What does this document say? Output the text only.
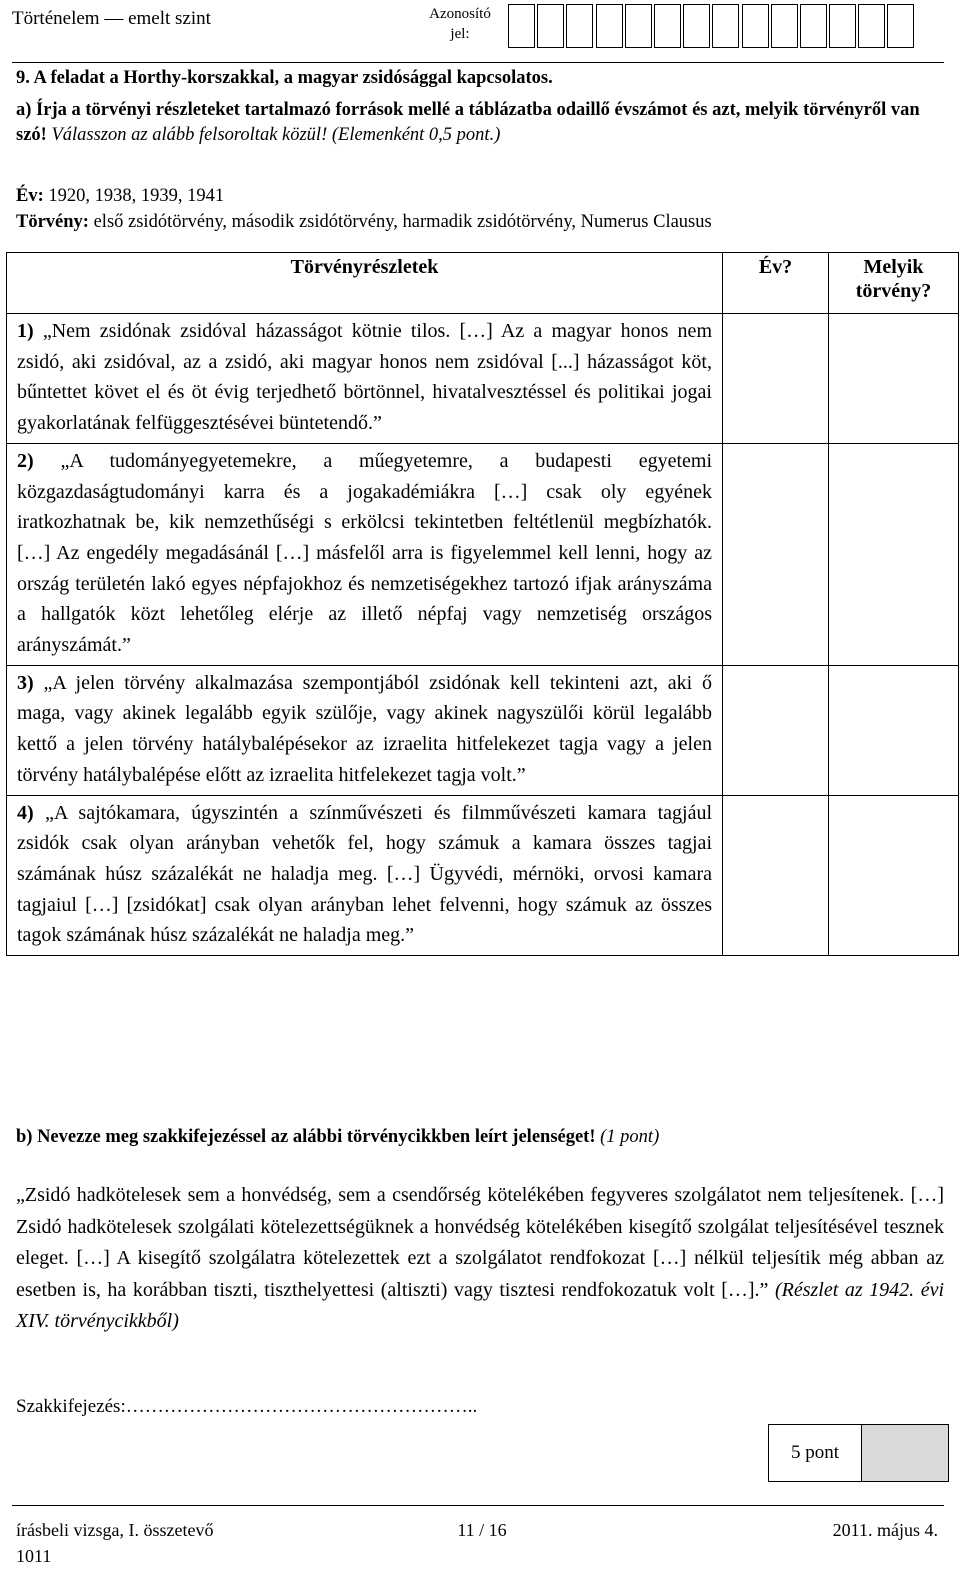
Történelem — emelt szint	Azonosító
jel:
9. A feladat a Horthy-korszakkal, a magyar zsidósággal kapcsolatos.
a) Írja a törvényi részleteket tartalmazó források mellé a táblázatba odaillő évszámot és azt, melyik törvényről van szó! Válasszon az alább felsoroltak közül! (Elemenként 0,5 pont.)
Év: 1920, 1938, 1939, 1941
Törvény: első zsidótörvény, második zsidótörvény, harmadik zsidótörvény, Numerus Clausus
Törvényrészletek	Év?	Melyik törvény?
1) „Nem zsidónak zsidóval házasságot kötnie tilos. […] Az a magyar honos nem zsidó, aki zsidóval, az a zsidó, aki magyar honos nem zsidóval [...] házasságot köt, bűntettet követ el és öt évig terjedhető börtönnel, hivatalvesztéssel és politikai jogai gyakorlatának felfüggesztésévei büntetendő.”		
2) „A tudományegyetemekre, a műegyetemre, a budapesti egyetemi közgazdaságtudományi karra és a jogakadémiákra […] csak oly egyének iratkozhatnak be, kik nemzethűségi s erkölcsi tekintetben feltétlenül megbízhatók. […] Az engedély megadásánál […] másfelől arra is figyelemmel kell lenni, hogy az ország területén lakó egyes népfajokhoz és nemzetiségekhez tartozó ifjak arányszáma a hallgatók közt lehetőleg elérje az illető népfaj vagy nemzetiség országos arányszámát.”		
3) „A jelen törvény alkalmazása szempontjából zsidónak kell tekinteni azt, aki ő maga, vagy akinek legalább egyik szülője, vagy akinek nagyszülői körül legalább kettő a jelen törvény hatálybalépésekor az izraelita hitfelekezet tagja vagy a jelen törvény hatálybalépése előtt az izraelita hitfelekezet tagja volt.”		
4) „A sajtókamara, úgyszintén a színművészeti és filmművészeti kamara tagjául zsidók csak olyan arányban vehetők fel, hogy számuk a kamara összes tagjai számának húsz százalékát ne haladja meg. […] Ügyvédi, mérnöki, orvosi kamara tagjaiul […] [zsidókat] csak olyan arányban lehet felvenni, hogy számuk az összes tagok számának húsz százalékát ne haladja meg.”		
b) Nevezze meg szakkifejezéssel az alábbi törvénycikkben leírt jelenséget! (1 pont)
„Zsidó hadkötelesek sem a honvédség, sem a csendőrség kötelékében fegyveres szolgálatot nem teljesítenek. […] Zsidó hadkötelesek szolgálati kötelezettségüknek a honvédség kötelékében kisegítő szolgálat teljesítésével tesznek eleget. […] A kisegítő szolgálatra kötelezettek ezt a szolgálatot rendfokozat […] nélkül teljesítik még abban az esetben is, ha korábban tiszti, tiszthelyettesi (altiszti) vagy tisztesi rendfokozatuk volt […].” (Részlet az 1942. évi XIV. törvénycikkből)
Szakkifejezés:………………………………………………..
5 pont
írásbeli vizsga, I. összetevő	11 / 16	2011. május 4.
1011
